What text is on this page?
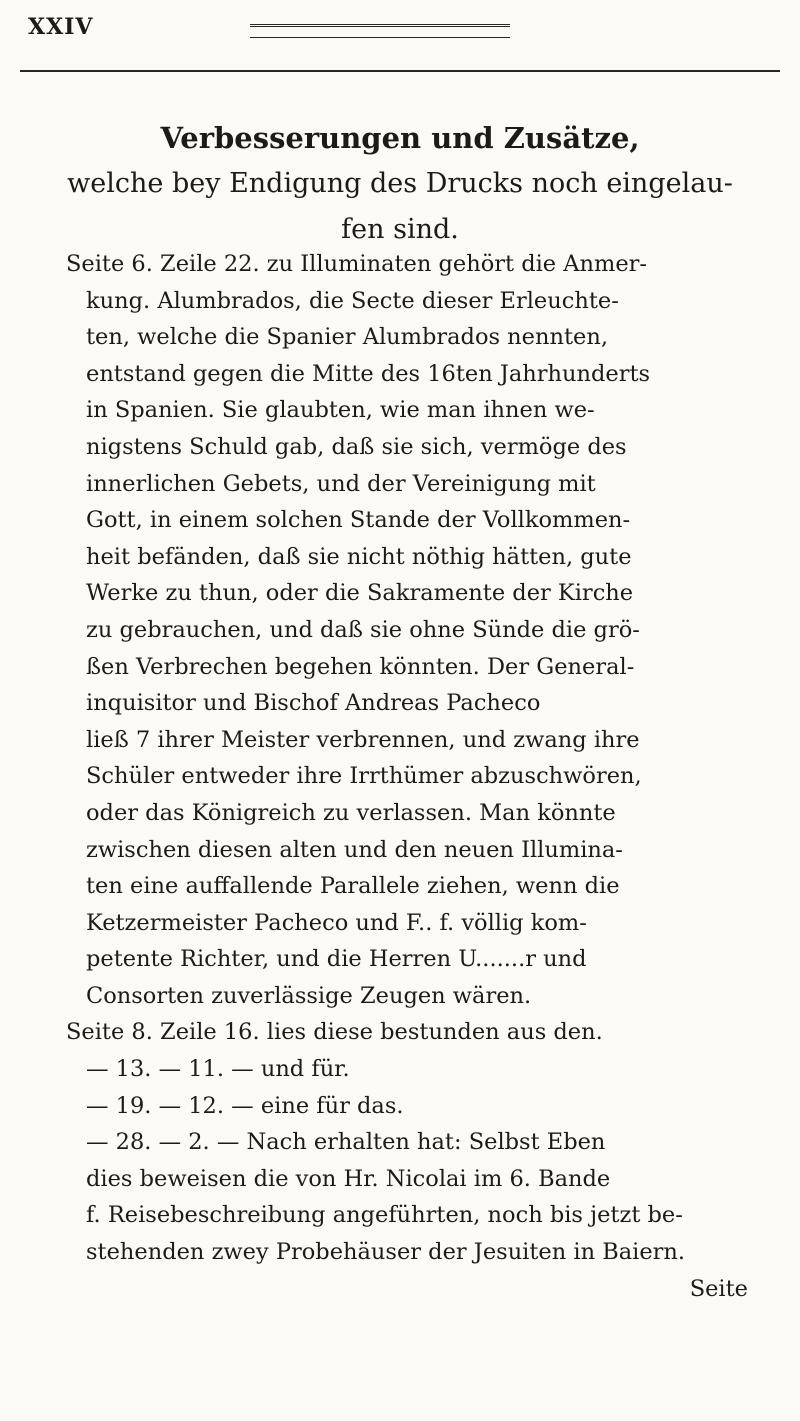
XXIV
Verbesserungen und Zusätze,

welche bey Endigung des Drucks noch eingelau-
fen sind.
Seite 6. Zeile 22. zu Illuminaten gehört die Anmer-
kung. Alumbrados, die Secte dieser Erleuchte-
ten, welche die Spanier Alumbrados nennten,
entstand gegen die Mitte des 16ten Jahrhunderts
in Spanien. Sie glaubten, wie man ihnen we-
nigstens Schuld gab, daß sie sich, vermöge des
innerlichen Gebets, und der Vereinigung mit
Gott, in einem solchen Stande der Vollkommen-
heit befänden, daß sie nicht nöthig hätten, gute
Werke zu thun, oder die Sakramente der Kirche
zu gebrauchen, und daß sie ohne Sünde die grö-
ßen Verbrechen begehen könnten. Der General-
inquisitor und Bischof Andreas Pacheco
ließ 7 ihrer Meister verbrennen, und zwang ihre
Schüler entweder ihre Irrthümer abzuschwören,
oder das Königreich zu verlassen. Man könnte
zwischen diesen alten und den neuen Illumina-
ten eine auffallende Parallele ziehen, wenn die
Ketzermeister Pacheco und F.. f. völlig kom-
petente Richter, und die Herren U.......r und
Consorten zuverlässige Zeugen wären.
Seite 8. Zeile 16. lies diese bestunden aus den.
— 13. — 11. — und für.
— 19. — 12. — eine für das.
— 28. — 2. — Nach erhalten hat: Selbst Eben
dies beweisen die von Hr. Nicolai im 6. Bande
f. Reisebeschreibung angeführten, noch bis jetzt be-
stehenden zwey Probehäuser der Jesuiten in Baiern.
Seite
